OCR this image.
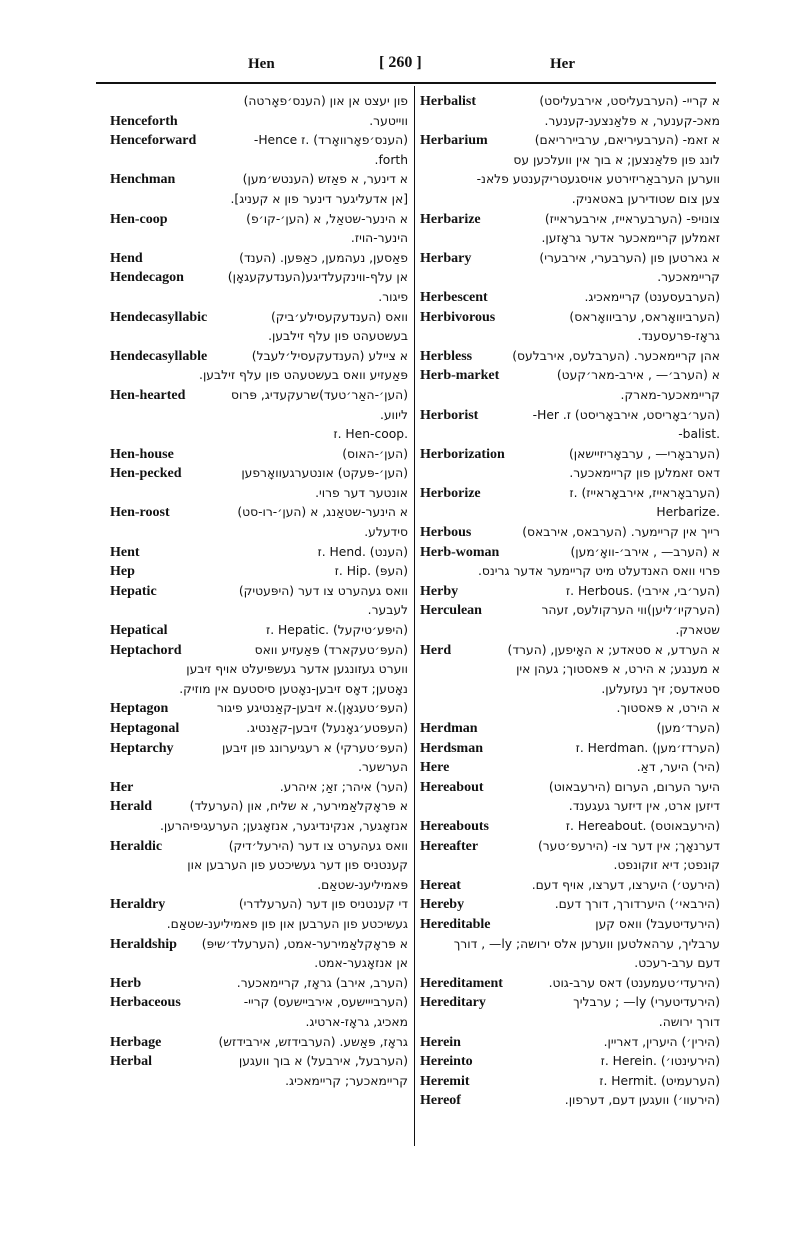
Hen	[ 260 ]	Her
פון יעצט אן און (הענס׳פאָרטה)
Henceforth	ווייטער.
Henceforward	(הענס׳פאָרוואָרד) .ז Hence-
forth.
Henchman	א דינער, א פאַזש (הענטש׳מען)
[אן אדעליגער דינער פון א קעניג].
Hen-coop	א הינער-שטאַל, א (הען׳-קו׳פ)
הינער-הויז.
Hend	פאַסען, נעהמען, כאַפּען. (הענד)
Hendecagon	אן עלף-ווינקעלדיגע(הענדעקעגאָן)
פיגור.
Hendecasyllabic	וואס (הענדעקעסילע׳ביק)
בעשטעהט פון עלף זילבען.
Hendecasyllable	א ציילע (הענדעקעסיל׳לעבל)
פּאַעזיע וואס בעשטעהט פון עלף זילבען.
Hen-hearted	(הען׳-האַר׳טעד)שרעקעדיג, פּרוס
ליווע.
.Hen-coop .ז
Hen-house	(הען׳-האוס)
Hen-pecked	(הען׳-פּעקט) אונטערגעוואָרפען
אונטער דער פרוי.
Hen-roost	א הינער-שטאַנג, א (הען׳-רו-סט)
סידעלע.
Hent	(הענט) .Hend .ז
Hep	(העפּ) .Hip .ז
Hepatic	וואס געהערט צו דער (היפּעטיק)
לעבער.
Hepatical	(היפּע׳טיקעל) .Hepatic .ז
Heptachord	(העפּ׳טעקארד) פּאַעזיע וואס
ווערט געזונגען אדער געשפּיעלט אויף זיבען
נאָטען; דאָס זיבען-נאָטען סיסטעם אין מוזיק.
Heptagon	(העפּ׳טעגאָן).א זיבען-קאַנטיגע פיגור
Heptagonal	(העפּטע׳גאָנעל) זיבען-קאַנטיג.
Heptarchy	(העפּ׳טערקי) א רעגיערונג פון זיבען
הערשער.
Her	(הער) איהר; זאַ; איהרע.
Herald	א פּראָקלאַמירער, א שליח, און (הערעלד)
אנזאָגער, אנקינדיגער, אנזאָגען; הערעגיפיהרען.
Heraldic	וואס געהערט צו דער (הירעל׳דיק)
קענטניס פון דער געשיכטע פון הערבען און
פּאמיליענ-שטאַם.
Heraldry	די קענטניס פון דער (הערעלדרי)
געשיכטע פון הערבען און פון פאמיליענ-שטאַם.
Heraldship א פּראָקלאַמירער-אמט, (הערעלד׳שיפּ)
אן אנזאָגער-אמט.
Herb	(הערב, אירב) גראָז, קריימאכער.
Herbaceous	(הערבייישעס, אירביישעס) קריי-
מאכיג, גראָז-ארטיג.
Herbage	גראָז, פּאַשע. (הערבידזש, אירבידזש)
Herbal	(הערבעל, אירבעל) א בוך וועגען
קריימאכער; קריימאכיג.
Herbalist	א קריי- (הערבעליסט, אירבעליסט)
מאכ-קענער, א פלאַנצענ-קענער.
Herbarium	א זאמ- (הערבעיריאם, ערביירריאם)
לונג פון פלאַנצען; א בוך אין וועלכען עס
ווערען הערבאַריזירטע אויסגעטריקענטע פלאנ-
צען צום שטודירען באטאניק.
Herbarize	צונויפ- (הערבעראייז, אירבעראייז)
זאמלען קריימאכער אדער גראָזען.
Herbary	א גארטען פון (הערבערי, אירבערי)
קריימאכער.
Herbescent	(הערבעסענט) קריימאכיג.
Herbivorous	(הערביוואָראס, ערביוואָראס)
גראָז-פרעסענד.
Herbless	אהן קריימאכער. (הערבלעס, אירבלעס)
Herb-market	א (הערב׳— , אירב-מאר׳קעט)
קריימאכער-מארק.
Herborist	(הער׳באָריסט, אירבאָריסט) ז. Her-
.balist-
Herborization	(הערבאָרי— , ערבאָריזיישאן)
דאס זאמלען פון קריימאכער.
Herborize	(הערבאָראייז, אירבאָראייז) .ז
.Herbarize
Herbous	רייך אין קריימער. (הערבאס, אירבאס)
Herb-woman	א (הערב— , אירב׳-וואָ׳מען)
פרוי וואס האנדעלט מיט קריימער אדער גרינס.
Herby	(הער׳בי, אירבי) .Herbous .ז
Herculean	(הערקיו׳ליען)ווי הערקולעס, זעהר
שטארק.
Herd	א הערדע, א סטאדע; א האָיפען, (הערד)
א מענגע; א הירט, א פּאסטוך; געהן אין
סטאדעס; זיך נעזעלען.
א הירט, א פּאסטוך.
Herdman	(הערד׳מען)
Herdsman	(הערדז׳מען) .Herdman .ז
Here	(היר) היער, דאַ.
Hereabout	היער הערום, הערום (הירעבאוט)
דיזען ארט, אין דיזער געגענד.
Hereabouts	(הירעבאוטס) .Hereabout .ז
Hereafter	דערנאָך; אין דער צו- (הירעפ׳טער)
קונפט; דיא זוקונפט.
Hereat	(הירעט׳) היערצו, דערצו, אויף דעם.
Hereby	(הירבאי׳) היערדורך, דורך דעם.
Hereditable	(הירעדיטעבל) וואס קען
ערבליך, ערהאלטען ווערען אלס ירושה; ly— , דורך
דעם ערב-רעכט.
Hereditament	(הירעדי׳טעמענט) דאס ערב-גוט.
Hereditary	(הירעדיטערי) ly— ; ערבליך
דורך ירושה.
Herein	(הירין׳) היערין, דאריין.
Hereinto	(הירעינטו׳) .Herein .ז
Heremit	(הערעמיט) .Hermit .ז
Hereof	(הירעוו׳) וועגען דעם, דערפון.
